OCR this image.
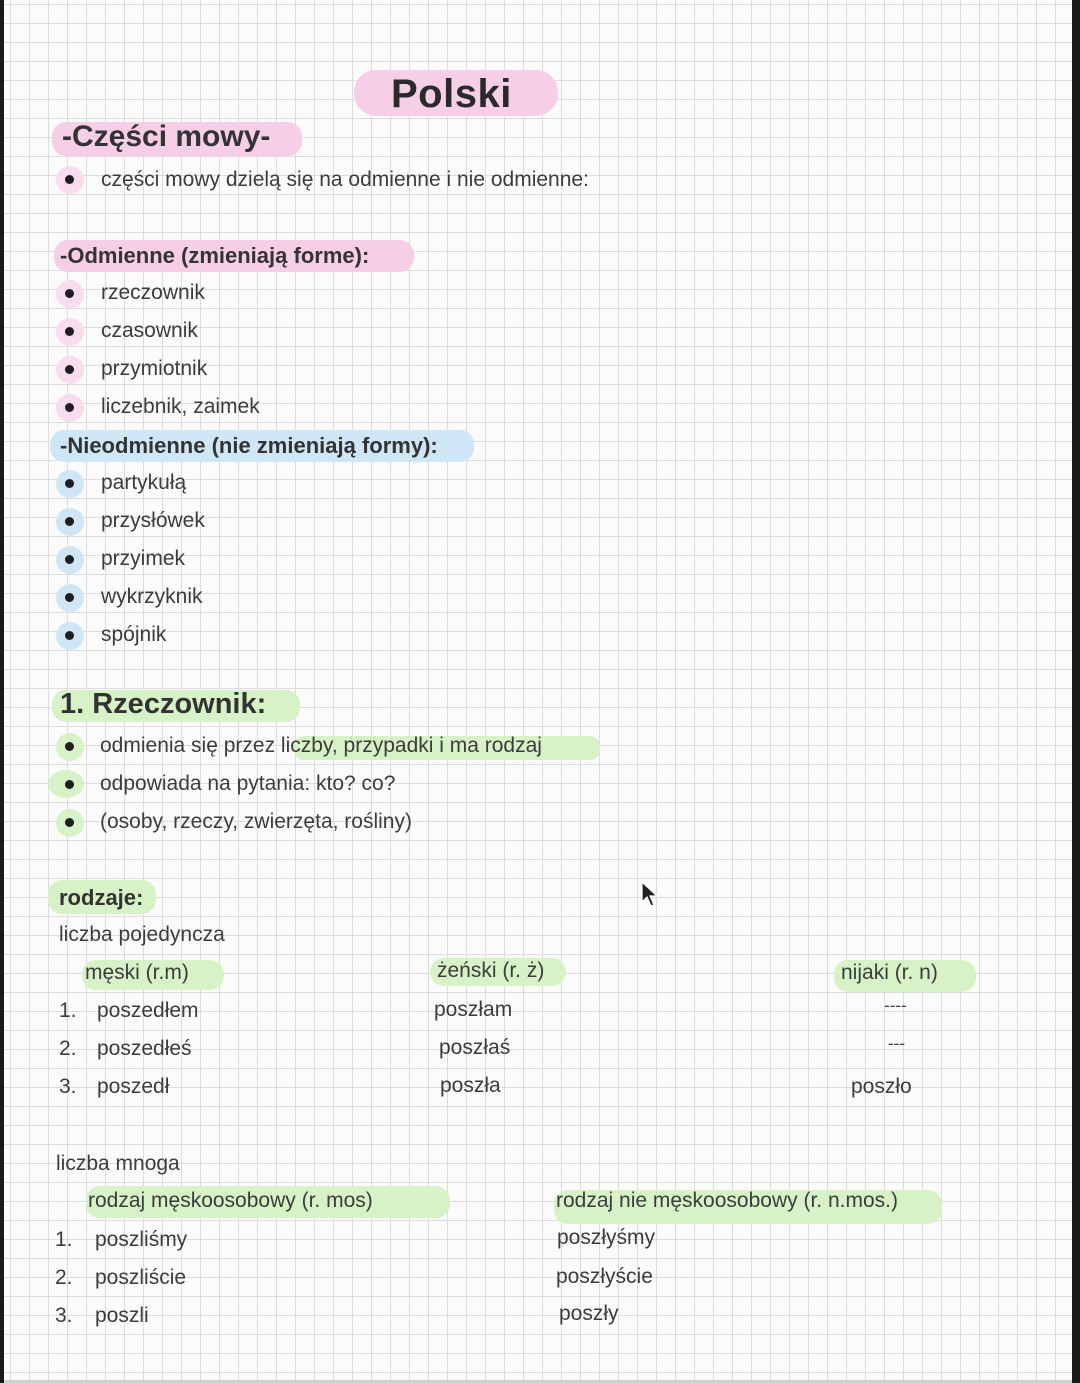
Polski
-Części mowy-
części mowy dzielą się na odmienne i nie odmienne:
-Odmienne (zmieniają forme):
rzeczownik
czasownik
przymiotnik
liczebnik, zaimek
-Nieodmienne (nie zmieniają formy):
partykułą
przysłówek
przyimek
wykrzyknik
spójnik
1. Rzeczownik:
odmienia się przez liczby, przypadki i ma rodzaj
odpowiada na pytania: kto? co?
(osoby, rzeczy, zwierzęta, rośliny)
rodzaje:
liczba pojedyncza
męski (r.m)	żeński (r. ż)	nijaki (r. n)
1. poszedłem	poszłam	----
2. poszedłeś	poszłaś	---
3. poszedł	poszła	poszło
liczba mnoga
rodzaj męskoosobowy (r. mos)	rodzaj nie męskoosobowy (r. n.mos.)
1. poszliśmy	poszłyśmy
2. poszliście	poszłyście
3. poszli	poszły
